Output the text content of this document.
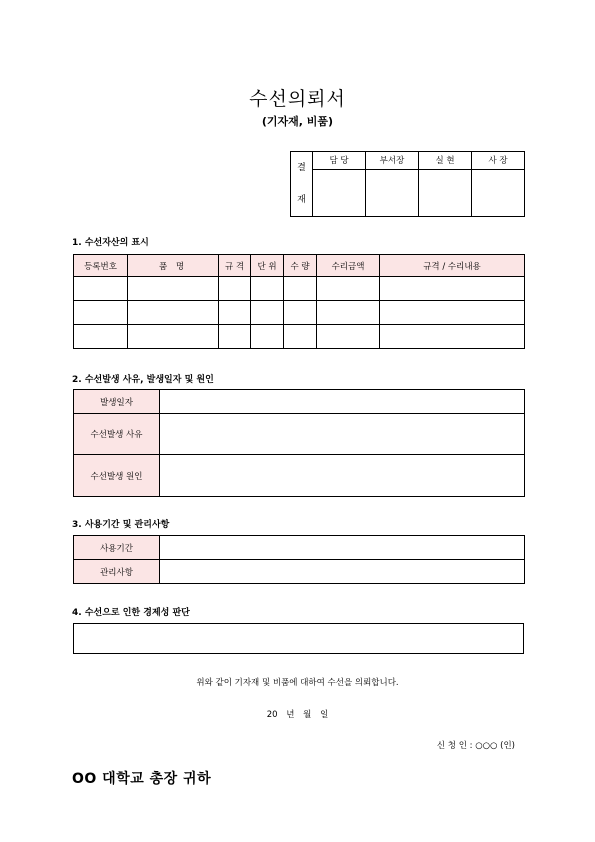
수선의뢰서
(기자재, 비품)
결
재	담 당	부서장	실 현	사 장

1. 수선자산의 표시
등록번호	품 명	규 격	단 위	수 량	수리금액	규격 / 수리내용

2. 수선발생 사유, 발생일자 및 원인
발생일자	
수선발생 사유	
수선발생 원인	
3. 사용기간 및 관리사항
사용기간	
관리사항	
4. 수선으로 인한 경제성 판단
위와 같이 기자재 및 비품에 대하여 수선을 의뢰합니다.
20 년 월 일
신 청 인 : ○○○ (인)
OO 대학교 총장 귀하
